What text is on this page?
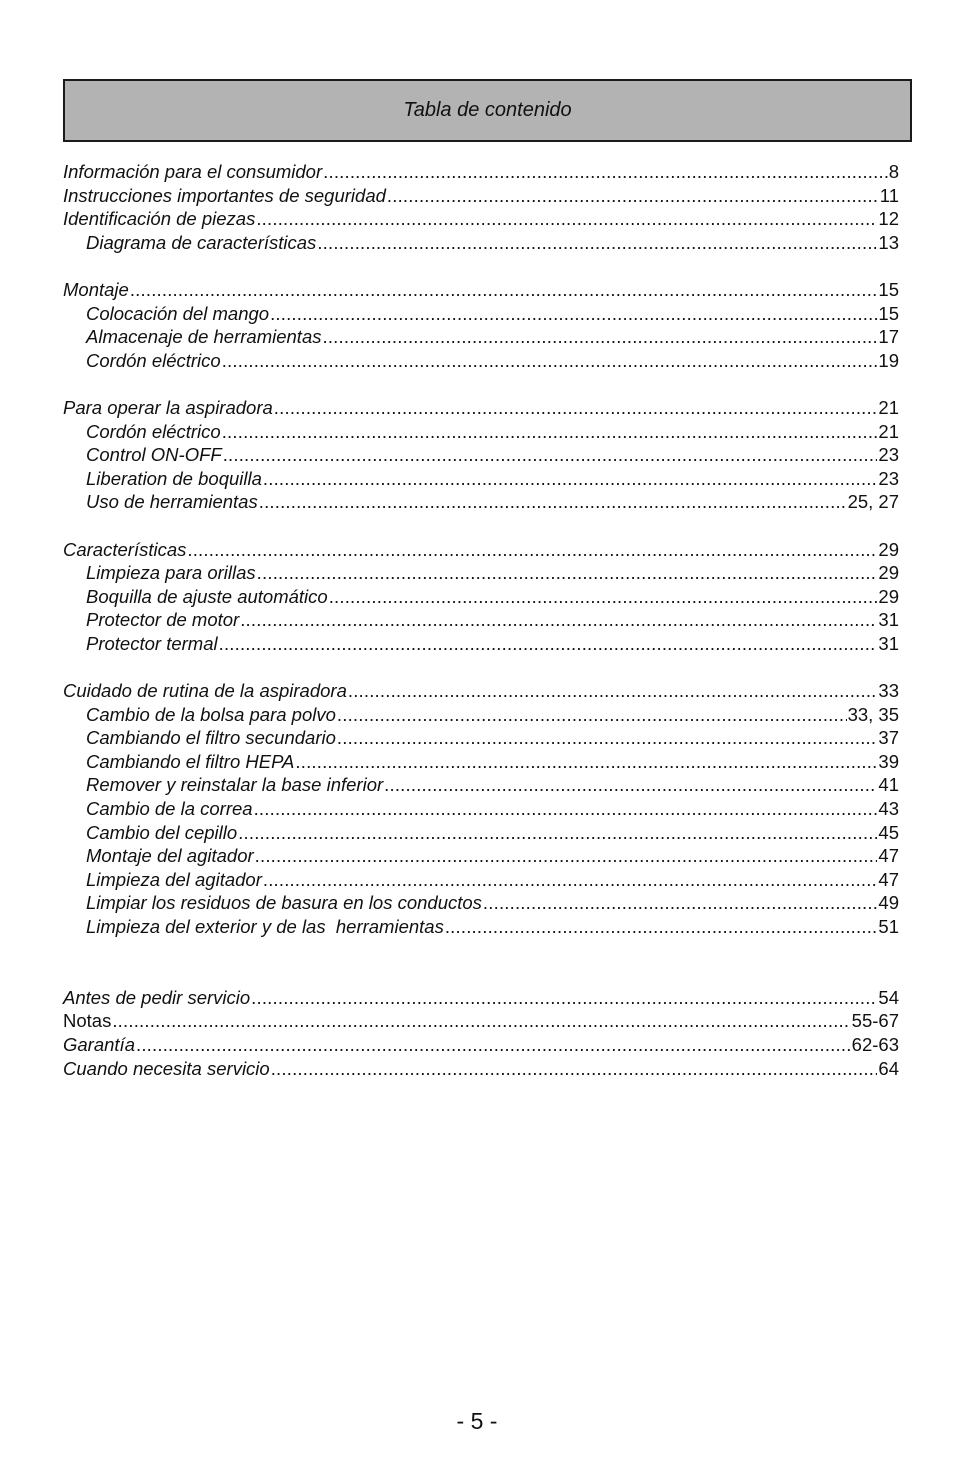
Tabla de contenido
Información para el consumidor .....	8
Instrucciones importantes de seguridad .....	11
Identificación de piezas .....	12
Diagrama de características .....	13
Montaje .....	15
Colocación del mango .....	15
Almacenaje de herramientas .....	17
Cordón eléctrico .....	19
Para operar la aspiradora .....	21
Cordón eléctrico .....	21
Control ON-OFF .....	23
Liberation de boquilla .....	23
Uso de herramientas .....	25, 27
Características .....	29
Limpieza para orillas .....	29
Boquilla de ajuste automático .....	29
Protector de motor .....	31
Protector termal .....	31
Cuidado de rutina de la aspiradora .....	33
Cambio de la bolsa para polvo .....	33, 35
Cambiando el filtro secundario .....	37
Cambiando el filtro HEPA .....	39
Remover y reinstalar la base inferior .....	41
Cambio de la correa .....	43
Cambio del cepillo .....	45
Montaje del agitador .....	47
Limpieza del agitador .....	47
Limpiar los residuos de basura en los conductos .....	49
Limpieza del exterior y de las  herramientas .....	51
Antes de pedir servicio .....	54
Notas .....	55-67
Garantía .....	62-63
Cuando necesita servicio .....	64
- 5 -
